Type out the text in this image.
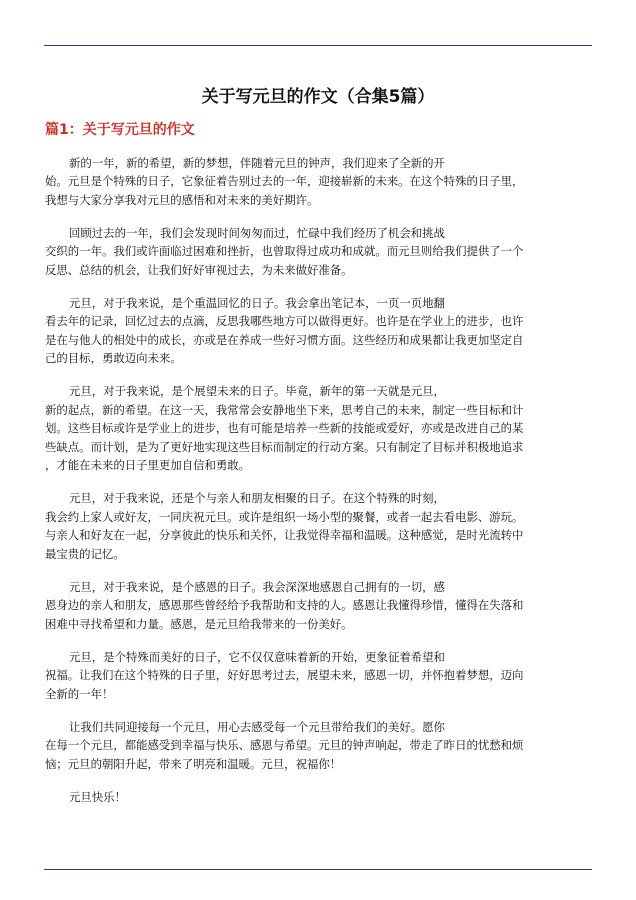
关于写元旦的作文（合集5篇）
篇1：关于写元旦的作文

新的一年，新的希望，新的梦想，伴随着元旦的钟声，我们迎来了全新的开
始。元旦是个特殊的日子，它象征着告别过去的一年，迎接崭新的未来。在这个特殊的日子里，
我想与大家分享我对元旦的感悟和对未来的美好期许。

回顾过去的一年，我们会发现时间匆匆而过，忙碌中我们经历了机会和挑战
交织的一年。我们或许面临过困难和挫折，也曾取得过成功和成就。而元旦则给我们提供了一个
反思、总结的机会，让我们好好审视过去，为未来做好准备。

元旦，对于我来说，是个重温回忆的日子。我会拿出笔记本，一页一页地翻
看去年的记录，回忆过去的点滴，反思我哪些地方可以做得更好。也许是在学业上的进步，也许
是在与他人的相处中的成长，亦或是在养成一些好习惯方面。这些经历和成果都让我更加坚定自
己的目标，勇敢迈向未来。

元旦，对于我来说，是个展望未来的日子。毕竟，新年的第一天就是元旦，
新的起点，新的希望。在这一天，我常常会安静地坐下来，思考自己的未来，制定一些目标和计
划。这些目标或许是学业上的进步，也有可能是培养一些新的技能或爱好，亦或是改进自己的某
些缺点。而计划，是为了更好地实现这些目标而制定的行动方案。只有制定了目标并积极地追求
，才能在未来的日子里更加自信和勇敢。

元旦，对于我来说，还是个与亲人和朋友相聚的日子。在这个特殊的时刻，
我会约上家人或好友，一同庆祝元旦。或许是组织一场小型的聚餐，或者一起去看电影、游玩。
与亲人和好友在一起，分享彼此的快乐和关怀，让我觉得幸福和温暖。这种感觉，是时光流转中
最宝贵的记忆。

元旦，对于我来说，是个感恩的日子。我会深深地感恩自己拥有的一切，感
恩身边的亲人和朋友，感恩那些曾经给予我帮助和支持的人。感恩让我懂得珍惜，懂得在失落和
困难中寻找希望和力量。感恩，是元旦给我带来的一份美好。

元旦，是个特殊而美好的日子，它不仅仅意味着新的开始，更象征着希望和
祝福。让我们在这个特殊的日子里，好好思考过去，展望未来，感恩一切，并怀抱着梦想，迈向
全新的一年！

让我们共同迎接每一个元旦，用心去感受每一个元旦带给我们的美好。愿你
在每一个元旦，都能感受到幸福与快乐、感恩与希望。元旦的钟声响起，带走了昨日的忧愁和烦
恼；元旦的朝阳升起，带来了明亮和温暖。元旦，祝福你！

元旦快乐！
